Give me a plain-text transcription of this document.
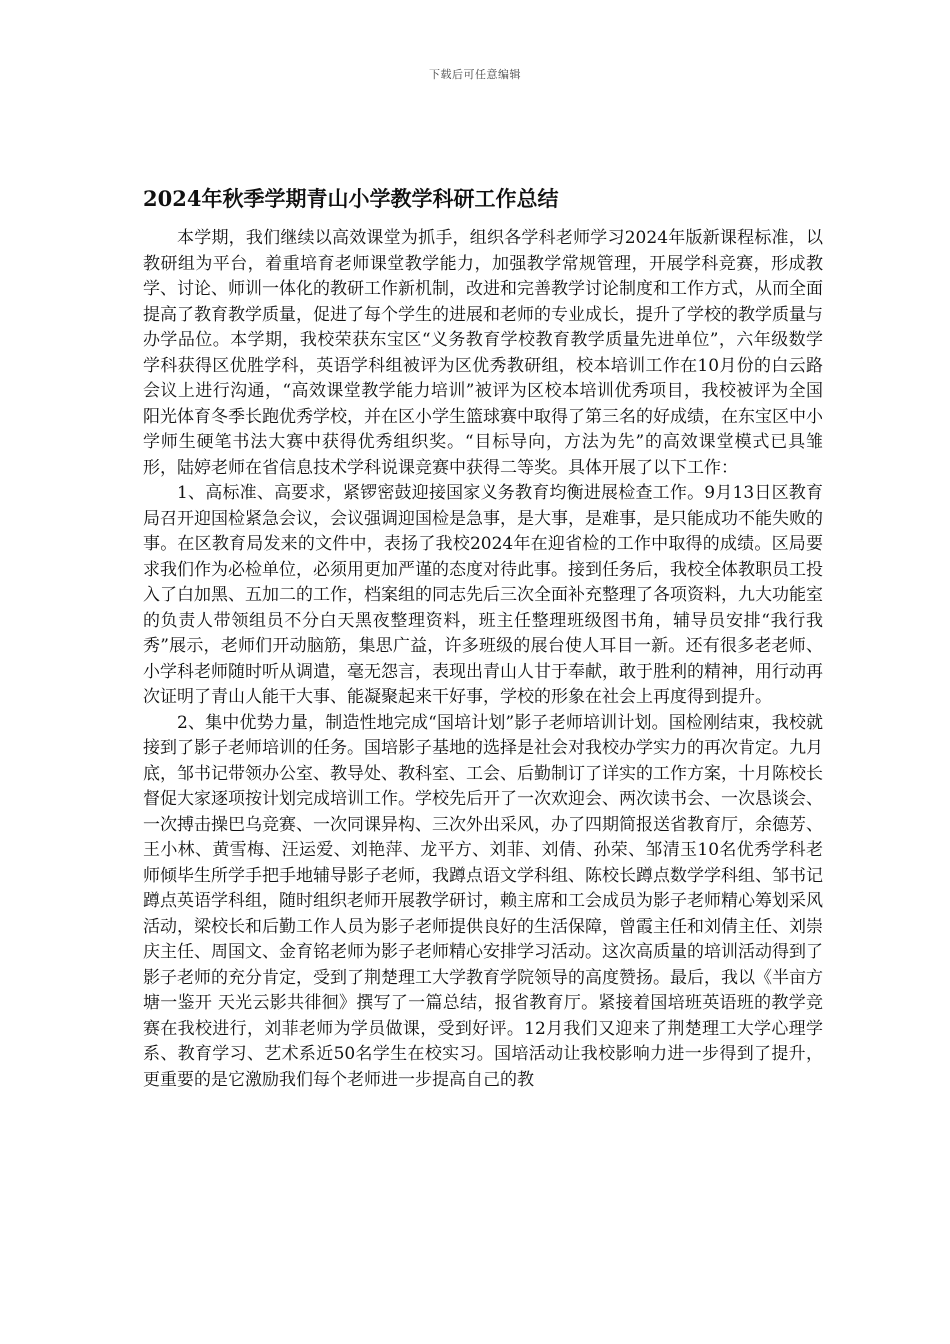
下载后可任意编辑
2024年秋季学期青山小学教学科研工作总结

本学期，我们继续以高效课堂为抓手，组织各学科老师学习2024年版新课程标准，以教研组为平台，着重培育老师课堂教学能力，加强教学常规管理，开展学科竞赛，形成教学、讨论、师训一体化的教研工作新机制，改进和完善教学讨论制度和工作方式，从而全面提高了教育教学质量，促进了每个学生的进展和老师的专业成长，提升了学校的教学质量与办学品位。本学期，我校荣获东宝区“义务教育学校教育教学质量先进单位”，六年级数学学科获得区优胜学科，英语学科组被评为区优秀教研组，校本培训工作在10月份的白云路会议上进行沟通，“高效课堂教学能力培训”被评为区校本培训优秀项目，我校被评为全国阳光体育冬季长跑优秀学校，并在区小学生篮球赛中取得了第三名的好成绩，在东宝区中小学师生硬笔书法大赛中获得优秀组织奖。“目标导向，方法为先”的高效课堂模式已具雏形，陆婷老师在省信息技术学科说课竞赛中获得二等奖。具体开展了以下工作：

1、高标准、高要求，紧锣密鼓迎接国家义务教育均衡进展检查工作。9月13日区教育局召开迎国检紧急会议，会议强调迎国检是急事，是大事，是难事，是只能成功不能失败的事。在区教育局发来的文件中，表扬了我校2024年在迎省检的工作中取得的成绩。区局要求我们作为必检单位，必须用更加严谨的态度对待此事。接到任务后，我校全体教职员工投入了白加黑、五加二的工作，档案组的同志先后三次全面补充整理了各项资料，九大功能室的负责人带领组员不分白天黑夜整理资料，班主任整理班级图书角，辅导员安排“我行我秀”展示，老师们开动脑筋，集思广益，许多班级的展台使人耳目一新。还有很多老老师、小学科老师随时听从调遣，毫无怨言，表现出青山人甘于奉献，敢于胜利的精神，用行动再次证明了青山人能干大事、能凝聚起来干好事，学校的形象在社会上再度得到提升。

2、集中优势力量，制造性地完成“国培计划”影子老师培训计划。国检刚结束，我校就接到了影子老师培训的任务。国培影子基地的选择是社会对我校办学实力的再次肯定。九月底，邹书记带领办公室、教导处、教科室、工会、后勤制订了详实的工作方案，十月陈校长督促大家逐项按计划完成培训工作。学校先后开了一次欢迎会、两次读书会、一次恳谈会、一次搏击操巴乌竞赛、一次同课异构、三次外出采风，办了四期简报送省教育厅，余德芳、王小林、黄雪梅、汪运爱、刘艳萍、龙平方、刘菲、刘倩、孙荣、邹清玉10名优秀学科老师倾毕生所学手把手地辅导影子老师，我蹲点语文学科组、陈校长蹲点数学学科组、邹书记蹲点英语学科组，随时组织老师开展教学研讨，赖主席和工会成员为影子老师精心筹划采风活动，梁校长和后勤工作人员为影子老师提供良好的生活保障，曾霞主任和刘倩主任、刘崇庆主任、周国文、金育铭老师为影子老师精心安排学习活动。这次高质量的培训活动得到了影子老师的充分肯定，受到了荆楚理工大学教育学院领导的高度赞扬。最后，我以《半亩方塘一鉴开 天光云影共徘徊》撰写了一篇总结，报省教育厅。紧接着国培班英语班的教学竞赛在我校进行，刘菲老师为学员做课，受到好评。12月我们又迎来了荆楚理工大学心理学系、教育学习、艺术系近50名学生在校实习。国培活动让我校影响力进一步得到了提升，更重要的是它激励我们每个老师进一步提高自己的教
